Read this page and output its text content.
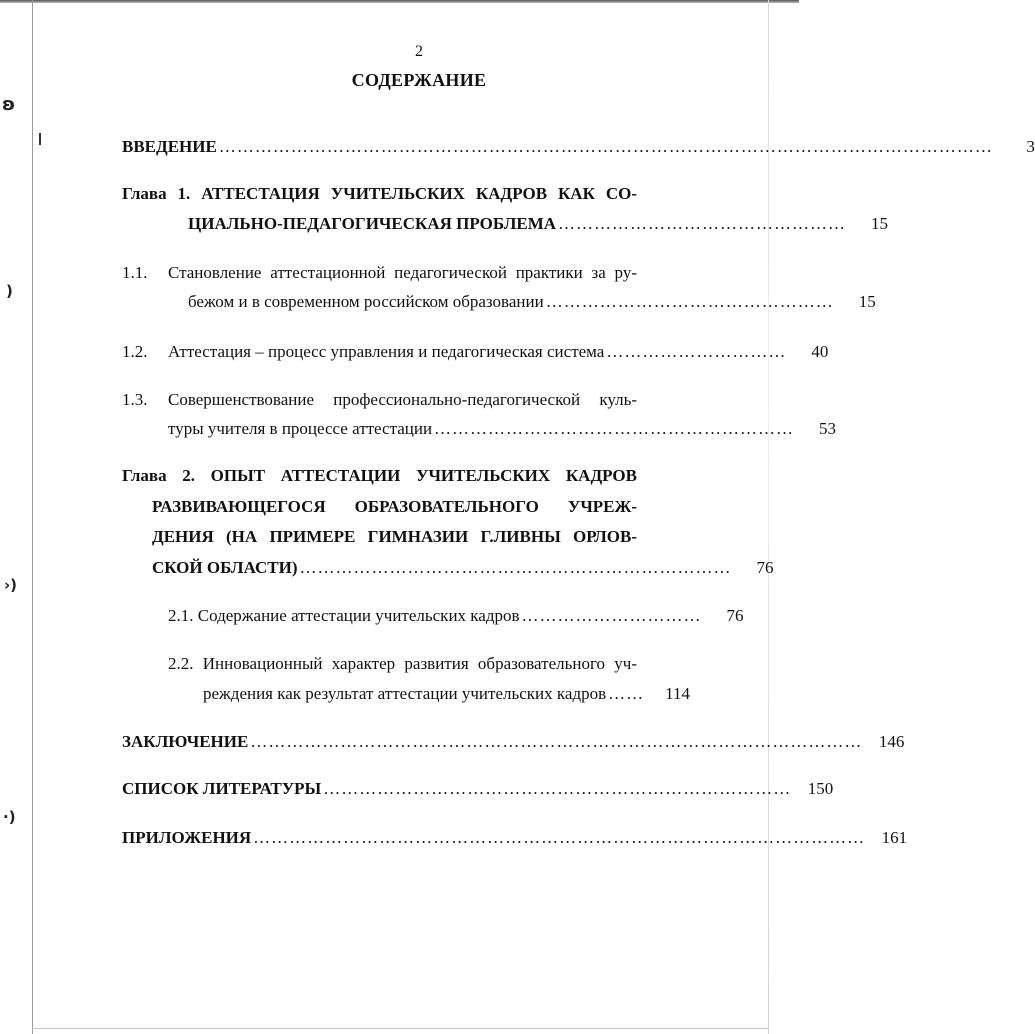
ʚ
)
›)
·)
2
СОДЕРЖАНИЕ
ВВЕДЕНИЕ …………………………………………………………………………………………………………………	3
Глава 1. АТТЕСТАЦИЯ УЧИТЕЛЬСКИХ КАДРОВ КАК СО-
ЦИАЛЬНО-ПЕДАГОГИЧЕСКАЯ ПРОБЛЕМА …………………………………………	15
1.1. Становление аттестационной педагогической практики за ру-
бежом и в современном российском образовании …………………………………………	15
1.2. Аттестация – процесс управления и педагогическая система …………………………	40
1.3. Совершенствование профессионально-педагогической куль-
туры учителя в процессе аттестации ……………………………………………………	53
Глава 2. ОПЫТ АТТЕСТАЦИИ УЧИТЕЛЬСКИХ КАДРОВ
РАЗВИВАЮЩЕГОСЯ ОБРАЗОВАТЕЛЬНОГО УЧРЕЖ-
ДЕНИЯ (НА ПРИМЕРЕ ГИМНАЗИИ Г.ЛИВНЫ ОРЛОВ-
СКОЙ ОБЛАСТИ) ………………………………………………………………	76
2.1. Содержание аттестации учительских кадров …………………………	76
2.2. Инновационный характер развития образовательного уч-
реждения как результат аттестации учительских кадров ……	114
ЗАКЛЮЧЕНИЕ ………………………………………………………………………………………… 146
СПИСОК ЛИТЕРАТУРЫ …………………………………………………………………… 150
ПРИЛОЖЕНИЯ ………………………………………………………………………………………… 161
